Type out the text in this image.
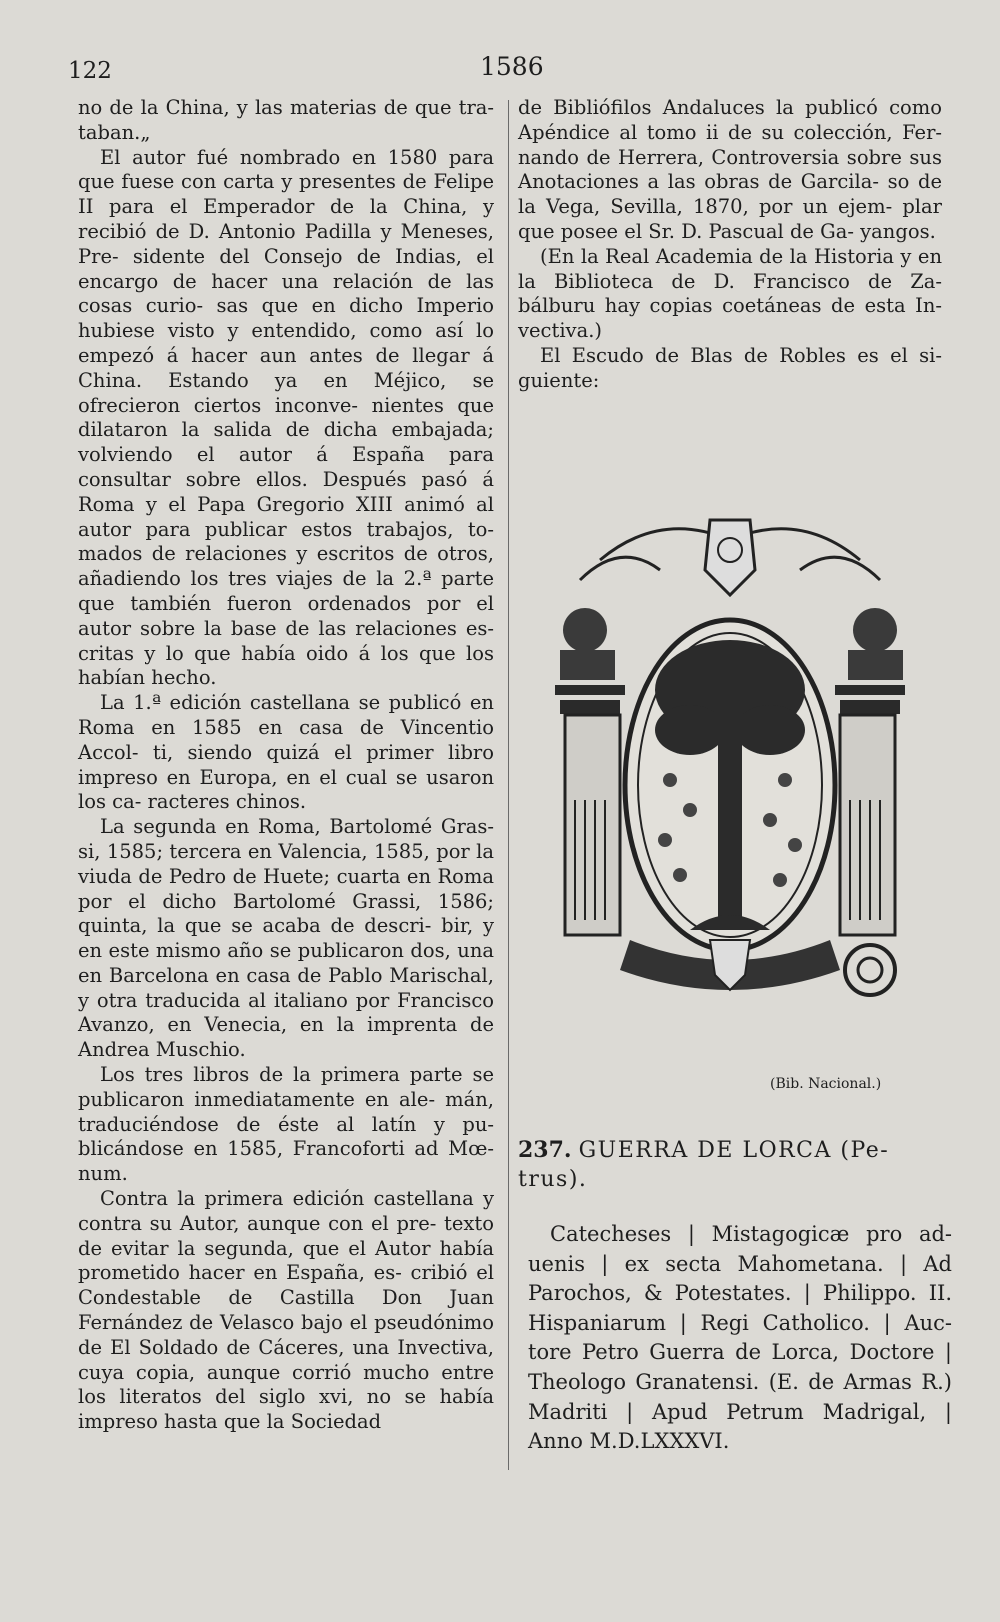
122	1586

no de la China, y las materias de que tra- taban.„

El autor fué nombrado en 1580 para que fuese con carta y presentes de Felipe II para el Emperador de la China, y recibió de D. Antonio Padilla y Meneses, Pre- sidente del Consejo de Indias, el encargo de hacer una relación de las cosas curio- sas que en dicho Imperio hubiese visto y entendido, como así lo empezó á hacer aun antes de llegar á China. Estando ya en Méjico, se ofrecieron ciertos inconve- nientes que dilataron la salida de dicha embajada; volviendo el autor á España para consultar sobre ellos. Después pasó á Roma y el Papa Gregorio XIII animó al autor para publicar estos trabajos, to- mados de relaciones y escritos de otros, añadiendo los tres viajes de la 2.ª parte que también fueron ordenados por el autor sobre la base de las relaciones es- critas y lo que había oido á los que los habían hecho.

La 1.ª edición castellana se publicó en Roma en 1585 en casa de Vincentio Accol- ti, siendo quizá el primer libro impreso en Europa, en el cual se usaron los ca- racteres chinos.

La segunda en Roma, Bartolomé Gras- si, 1585; tercera en Valencia, 1585, por la viuda de Pedro de Huete; cuarta en Roma por el dicho Bartolomé Grassi, 1586; quinta, la que se acaba de descri- bir, y en este mismo año se publicaron dos, una en Barcelona en casa de Pablo Marischal, y otra traducida al italiano por Francisco Avanzo, en Venecia, en la imprenta de Andrea Muschio.

Los tres libros de la primera parte se publicaron inmediatamente en ale- mán, traduciéndose de éste al latín y pu- blicándose en 1585, Francoforti ad Mœ- num.

Contra la primera edición castellana y contra su Autor, aunque con el pre- texto de evitar la segunda, que el Autor había prometido hacer en España, es- cribió el Condestable de Castilla Don Juan Fernández de Velasco bajo el pseudónimo de El Soldado de Cáceres, una Invectiva, cuya copia, aunque corrió mucho entre los literatos del siglo xvi, no se había impreso hasta que la Sociedad

de Bibliófilos Andaluces la publicó como Apéndice al tomo ii de su colección, Fer- nando de Herrera, Controversia sobre sus Anotaciones a las obras de Garcila- so de la Vega, Sevilla, 1870, por un ejem- plar que posee el Sr. D. Pascual de Ga- yangos.

(En la Real Academia de la Historia y en la Biblioteca de D. Francisco de Za- bálburu hay copias coetáneas de esta In- vectiva.)

El Escudo de Blas de Robles es el si- guiente:

(Bib. Nacional.)
237. GUERRA DE LORCA (Pe- trus).

Catecheses | Mistagogicæ pro ad- uenis | ex secta Mahometana. | Ad Parochos, & Potestates. | Philippo. II. Hispaniarum | Regi Catholico. | Auc- tore Petro Guerra de Lorca, Doctore | Theologo Granatensi. (E. de Armas R.) Madriti | Apud Petrum Madrigal, | Anno M.D.LXXXVI.
